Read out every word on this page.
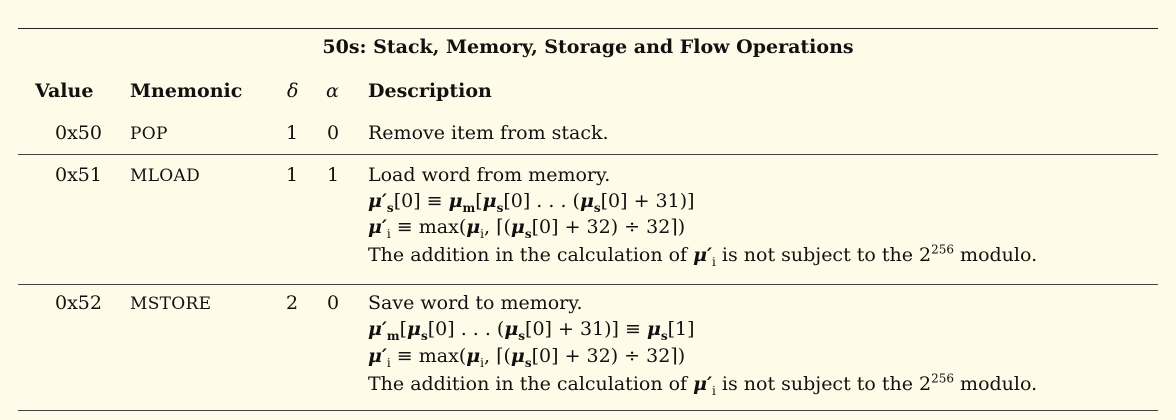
50s: Stack, Memory, Storage and Flow Operations
Value Mnemonic δ α Description
0x50 POP	1 0 Remove item from stack.
0x51 MLOAD	1 1 Load word from memory.
$\mu'_s[0] \equiv \mu_m[\mu_s[0]$ . . . $(\mu_s[0] + 31)$]
$\mu'_i \equiv \max(\mu_i$, $⌈(\mu_s[0] + 32)$ ÷ 32⌉)
The addition in the calculation of $\mu'_i$ is not subject to the $2^{256}$ modulo.
0x52 MSTORE	2 0 Save word to memory.
$\mu'_m[\mu_s[0]$ . . . $(\mu_s[0] + 31)] \equiv \mu_s[1]$
$\mu'_i \equiv \max(\mu_i$, $⌈(\mu_s[0] + 32)$ ÷ 32⌉)
The addition in the calculation of $\mu'_i$ is not subject to the $2^{256}$ modulo.
